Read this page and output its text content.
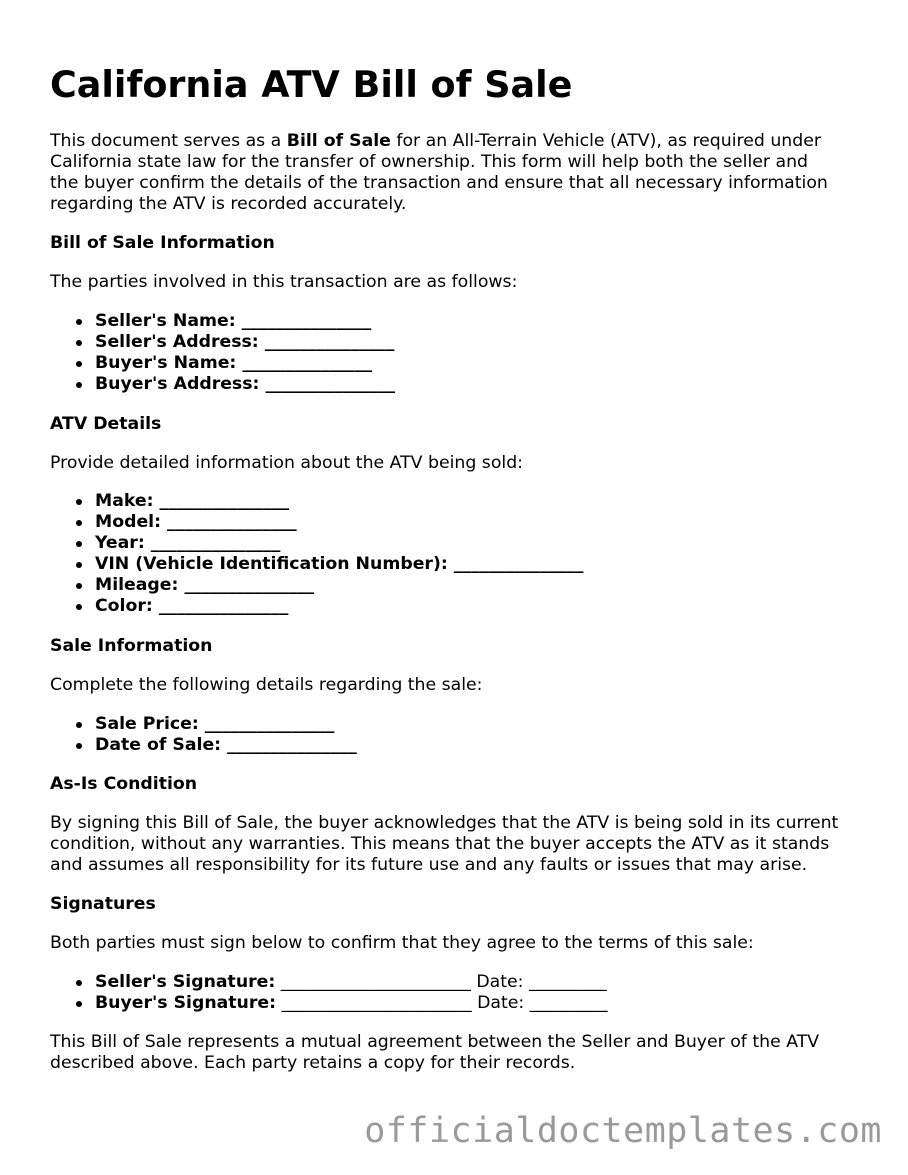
California ATV Bill of Sale
This document serves as a Bill of Sale for an All-Terrain Vehicle (ATV), as required under
California state law for the transfer of ownership. This form will help both the seller and
the buyer confirm the details of the transaction and ensure that all necessary information
regarding the ATV is recorded accurately.
Bill of Sale Information
The parties involved in this transaction are as follows:
Seller's Name: _______________
Seller's Address: _______________
Buyer's Name: _______________
Buyer's Address: _______________
ATV Details
Provide detailed information about the ATV being sold:
Make: _______________
Model: _______________
Year: _______________
VIN (Vehicle Identification Number): _______________
Mileage: _______________
Color: _______________
Sale Information
Complete the following details regarding the sale:
Sale Price: _______________
Date of Sale: _______________
As-Is Condition
By signing this Bill of Sale, the buyer acknowledges that the ATV is being sold in its current
condition, without any warranties. This means that the buyer accepts the ATV as it stands
and assumes all responsibility for its future use and any faults or issues that may arise.
Signatures
Both parties must sign below to confirm that they agree to the terms of this sale:
Seller's Signature: ______________________ Date: _________
Buyer's Signature: ______________________ Date: _________
This Bill of Sale represents a mutual agreement between the Seller and Buyer of the ATV
described above. Each party retains a copy for their records.
officialdoctemplates.com
